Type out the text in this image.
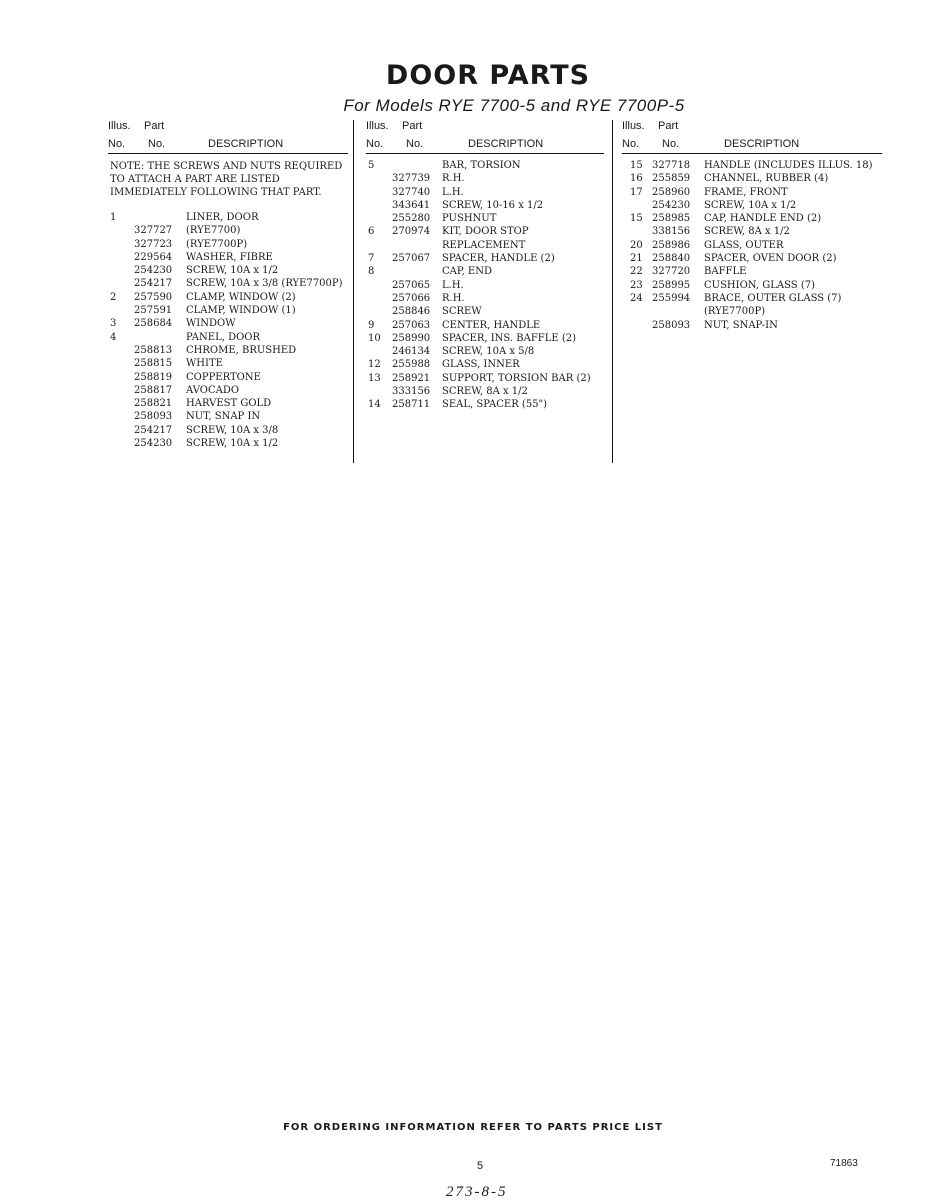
DOOR PARTS
For Models RYE 7700-5 and RYE 7700P-5
Illus. Part
No. No.	DESCRIPTION
NOTE: THE SCREWS AND NUTS REQUIRED
TO ATTACH A PART ARE LISTED
IMMEDIATELY FOLLOWING THAT PART.
1	LINER, DOOR
327727 (RYE7700)
327723 (RYE7700P)
229564 WASHER, FIBRE
254230 SCREW, 10A x 1/2
254217 SCREW, 10A x 3/8 (RYE7700P)
2 257590 CLAMP, WINDOW (2)
257591 CLAMP, WINDOW (1)
3 258684 WINDOW
4	PANEL, DOOR
258813 CHROME, BRUSHED
258815 WHITE
258819 COPPERTONE
258817 AVOCADO
258821 HARVEST GOLD
258093 NUT, SNAP IN
254217 SCREW, 10A x 3/8
254230 SCREW, 10A x 1/2
Illus. Part
No. No.	DESCRIPTION
5	BAR, TORSION
327739 R.H.
327740 L.H.
343641 SCREW, 10-16 x 1/2
255280 PUSHNUT
6 270974 KIT, DOOR STOP
REPLACEMENT
7 257067 SPACER, HANDLE (2)
8	CAP, END
257065 L.H.
257066 R.H.
258846 SCREW
9 257063 CENTER, HANDLE
10 258990 SPACER, INS. BAFFLE (2)
246134 SCREW, 10A x 5/8
12 255988 GLASS, INNER
13 258921 SUPPORT, TORSION BAR (2)
333156 SCREW, 8A x 1/2
14 258711 SEAL, SPACER (55")
Illus. Part
No. No.	DESCRIPTION
15 327718 HANDLE (INCLUDES ILLUS. 18)
16 255859 CHANNEL, RUBBER (4)
17 258960 FRAME, FRONT
254230 SCREW, 10A x 1/2
15 258985 CAP, HANDLE END (2)
338156 SCREW, 8A x 1/2
20 258986 GLASS, OUTER
21 258840 SPACER, OVEN DOOR (2)
22 327720 BAFFLE
23 258995 CUSHION, GLASS (7)
24 255994 BRACE, OUTER GLASS (7)
(RYE7700P)
258093 NUT, SNAP-IN
FOR ORDERING INFORMATION REFER TO PARTS PRICE LIST
5	71863
273-8-5
